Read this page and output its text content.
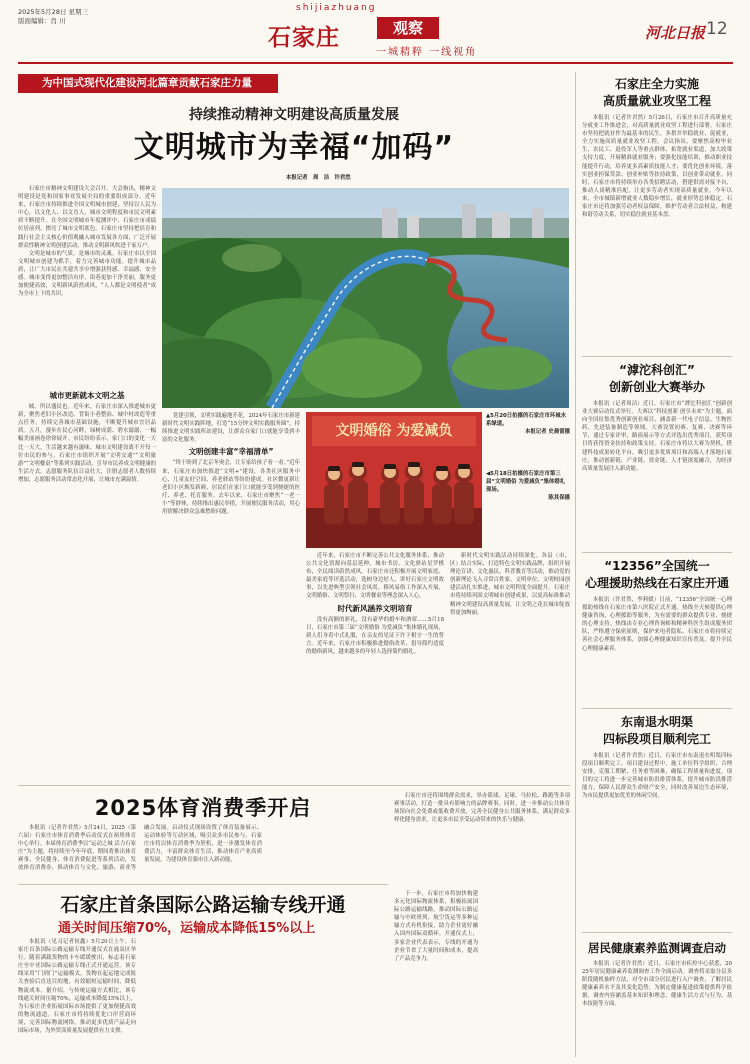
2025年5月28日 星期三
版面编辑：肖 川
shijiazhuang
石家庄	观察
一城精粹 一线视角
河北日报 12
为中国式现代化建设河北篇章贡献石家庄力量
持续推动精神文明建设高质量发展
文明城市为幸福“加码”
本报记者　周　洁　许君然

石家庄市精神文明建设大会召开。大会指出，精神文明建设是党和国家事业发展全局的重要组成部分。近年来，石家庄市持续推进全国文明城市创建，坚持以人民为中心，以文化人、以文育人，城市文明程度和市民文明素质不断提升。在全国文明城市年度测评中，石家庄市成绩位居前列，擦亮了城市文明底色。石家庄市坚持把培育和践行社会主义核心价值观融入城市发展各方面，广泛开展群众性精神文明创建活动，推动文明新风吹进千家万户。

文明是城市的气质，是城市的灵魂。石家庄市以全国文明城市创建为抓手，着力完善城市功能、提升城市品质，让广大市民在共建共享中增强获得感、幸福感、安全感。城市变得更加整洁有序，街巷更加干净美丽，服务更加便捷高效，文明新风蔚然成风，“人人都是文明使者”成为全市上下的共识。

城市更新就本文明之基

城，所以盛民也。近年来，石家庄市深入推进城市更新，聚焦老旧小区改造、背街小巷整治、城中村改造等重点任务，持续完善城市基础设施，不断提升城市宜居品质。五月，漫步在民心河畔，绿树成荫、碧水潺潺，一幅幅美丽画卷徐徐展开。市民纷纷表示，家门口的变化一天比一天大，生活越来越有滋味。城市文明建设离不开每一位市民的参与。石家庄市组织开展“文明交通”“文明旅游”“文明餐桌”等系列实践活动，引导市民养成文明健康的生活方式。志愿服务队伍日益壮大，注册志愿者人数持续增加，志愿服务活动常态化开展，让城市充满温情。

党建引领，文明实践遍地开花。2024年石家庄市新建新时代文明实践阵地，打造“15分钟文明实践服务圈”，持续推进文明实践所站建设，让群众在家门口就能享受到丰富的文化服务。

文明创建丰富“幸福清单”

“终于盼到了北京冬奥会，让专家给孩子看一看。”近年来，石家庄市加快推进“文明+”建设，各类社区服务中心、儿童友好空间、养老驿站等纷纷建成。社区微更新让老旧小区焕发新颜，居民们在家门口就能享受到便捷的医疗、养老、托育服务。去年以来，石家庄市聚焦“一老一小”等群体，持续推出惠民举措，开展便民服务活动，用心用情解决群众急难愁盼问题。

文明婚俗 为爱减负
▲5月20日拍摄的石家庄市环城水系绿道。
本报记者 史晨雷摄
◀5月18日拍摄的石家庄市第三届“文明婚俗 为爱减负”集体婚礼现场。
陈其保摄

近年来，石家庄市不断完善公共文化服务体系，推动公共文化资源向基层延伸。城市书房、文化驿站星罗棋布，全民阅读蔚然成风。石家庄市还积极开展文明家庭、最美家庭等评选活动，选树身边好人，讲好石家庄文明故事，以先进典型引领社会风尚。移风易俗工作深入开展，文明婚俗、文明祭扫、文明餐桌等理念深入人心。

时代新风涵养文明培育

没有高额的彩礼，没有豪华的婚车和酒席……5月18日，石家庄市第三届“文明婚俗 为爱减负”集体婚礼现场，新人们身着中式礼服，在亲友的见证下许下相守一生的誓言。近年来，石家庄市积极推进婚俗改革，倡导简约适度的婚俗新风，越来越多的年轻人选择简约婚礼。

新时代文明实践活动持续深化。各县（市、区）结合实际，打造特色文明实践品牌，组织开展理论宣讲、文化惠民、科普教育等活动，推动党的创新理论飞入寻常百姓家。文明单位、文明校园创建活动扎实推进，城市文明程度全面提升。石家庄市将持续巩固文明城市创建成果，以更高标准推动精神文明建设高质量发展，让文明之花在城市绽放得更加绚丽。

2025体育消费季开启

本报讯（记者许君然）5月24日，2025（第六届）石家庄市体育消费季启动仪式在裕彤体育中心举行。本届体育消费季以“运动之城 活力石家庄”为主题，将持续至今年年底，期间将推出体育赛事、全民健身、体育消费促进等系列活动，发放体育消费券，推动体育与文化、旅游、商业等融合发展。启动仪式现场设置了体育装备展示、运动体验等互动区域，吸引众多市民参与。石家庄市将以体育消费季为契机，进一步激发体育消费活力，丰富群众体育生活，推动体育产业高质量发展，为建设体育强市注入新动能。

石家庄市还将围绕群众需求，举办篮球、足球、马拉松、路跑等多项赛事活动，打造一批具有影响力的品牌赛事。同时，进一步推动公共体育场馆向社会免费或低收费开放，完善全民健身公共服务体系，满足群众多样化健身需求，让更多市民享受运动带来的快乐与健康。

石家庄首条国际公路运输专线开通
通关时间压缩70%，运输成本降低15%以上

本报讯（见习记者侯鑫）5月20日上午，石家庄首条国际公路运输专线开通仪式在鹿泉区举行。随着满载货物的卡车缓缓驶出，标志着石家庄至中亚国际公路运输专线正式开通运营。该专线采用“门到门”运输模式，货物在起运地完成报关查验后直达目的地，有效缩短运输时间，降低物流成本。据介绍，与传统运输方式相比，该专线通关时间压缩70%，运输成本降低15%以上，为石家庄企业拓展国际市场提供了更加便捷高效的物流通道。石家庄市将持续优化口岸营商环境，完善国际物流网络，推动更多优质产品走向国际市场，为外贸高质量发展提供有力支撑。

下一步，石家庄市将加快构建多元化国际物流体系，积极拓展国际公路运输线路，推动国际公路运输与中欧班列、航空货运等多种运输方式有机衔接，助力企业更好融入国内国际双循环。开通仪式上，多家企业代表表示，专线的开通为企业节省了大量时间和成本，提高了产品竞争力。

石家庄全力实施
高质量就业攻坚工程

本报讯（记者许君然）5月26日，石家庄市召开高质量充分就业工作推进会，对高质量就业攻坚工程进行部署。石家庄市坚持把就业作为最基本的民生，多措并举稳就业、促就业，全力实施高质量就业攻坚工程。会议指出，要聚焦高校毕业生、农民工、退役军人等重点群体，拓宽就业渠道，加大政策支持力度，开展精准就业服务；要强化技能培训，推动职业技能提升行动，培养更多高素质技能人才；要优化创业环境，落实创业担保贷款、创业补贴等扶持政策，以创业带动就业。同时，石家庄市将持续举办各类招聘活动，搭建供需对接平台，推动人岗精准匹配，让更多劳动者实现高质量就业。今年以来，全市城镇新增就业人数稳步增长，就业形势总体稳定。石家庄市还将加强劳动者权益保障，维护劳动者合法权益，构建和谐劳动关系，切实稳住就业基本盘。

“滹沱科创汇”
创新创业大赛举办

本报讯（记者周洁）近日，石家庄市“滹沱科创汇”创新创业大赛启动仪式举行。大赛以“科技创新 创享未来”为主题，面向全国征集优秀创新创业项目，涵盖新一代电子信息、生物医药、先进装备制造等领域。大赛设置初赛、复赛、决赛等环节，通过专家评审、路演展示等方式评选出优秀项目，获奖项目将获得资金扶持和政策支持。石家庄市将以大赛为契机，搭建科技成果转化平台，吸引更多优质项目和高端人才落地石家庄，推动创新链、产业链、资金链、人才链深度融合，为经济高质量发展注入新动能。

“12356”全国统一
心理援助热线在石家庄开通

本报讯（许君然、李莉媛）日前，“12356”全国统一心理援助热线在石家庄市第八医院正式开通。热线全天候提供心理健康咨询、心理援助等服务，为有需要的群众提供专业、便捷的心理支持。热线由专业心理咨询师和精神科医生组成服务团队，严格遵守保密原则，保护来电者隐私。石家庄市将持续完善社会心理服务体系，加强心理健康知识宣传普及，提升全民心理健康素养。

东南退水明渠
四标段项目顺利完工

本报讯（记者许君然）近日，石家庄市东南退水明渠四标段项目顺利完工。项目建设过程中，施工单位科学组织、合理安排，克服工期紧、任务重等困难，确保工程质量和进度。项目的完工将进一步完善城市防洪排涝体系，提升城市防洪排涝能力，保障人民群众生命财产安全，同时改善周边生态环境，为市民提供更加优美的休闲空间。

居民健康素养监测调查启动

本报讯（记者许君然）近日，石家庄市疾控中心获悉，2025年居民健康素养监测调查工作全面启动。调查将采取分层多阶段随机抽样方法，对全市部分居民进行入户调查，了解居民健康素养水平及其变化趋势，为制定健康促进政策提供科学依据。调查内容涵盖基本知识和理念、健康生活方式与行为、基本技能等方面。
